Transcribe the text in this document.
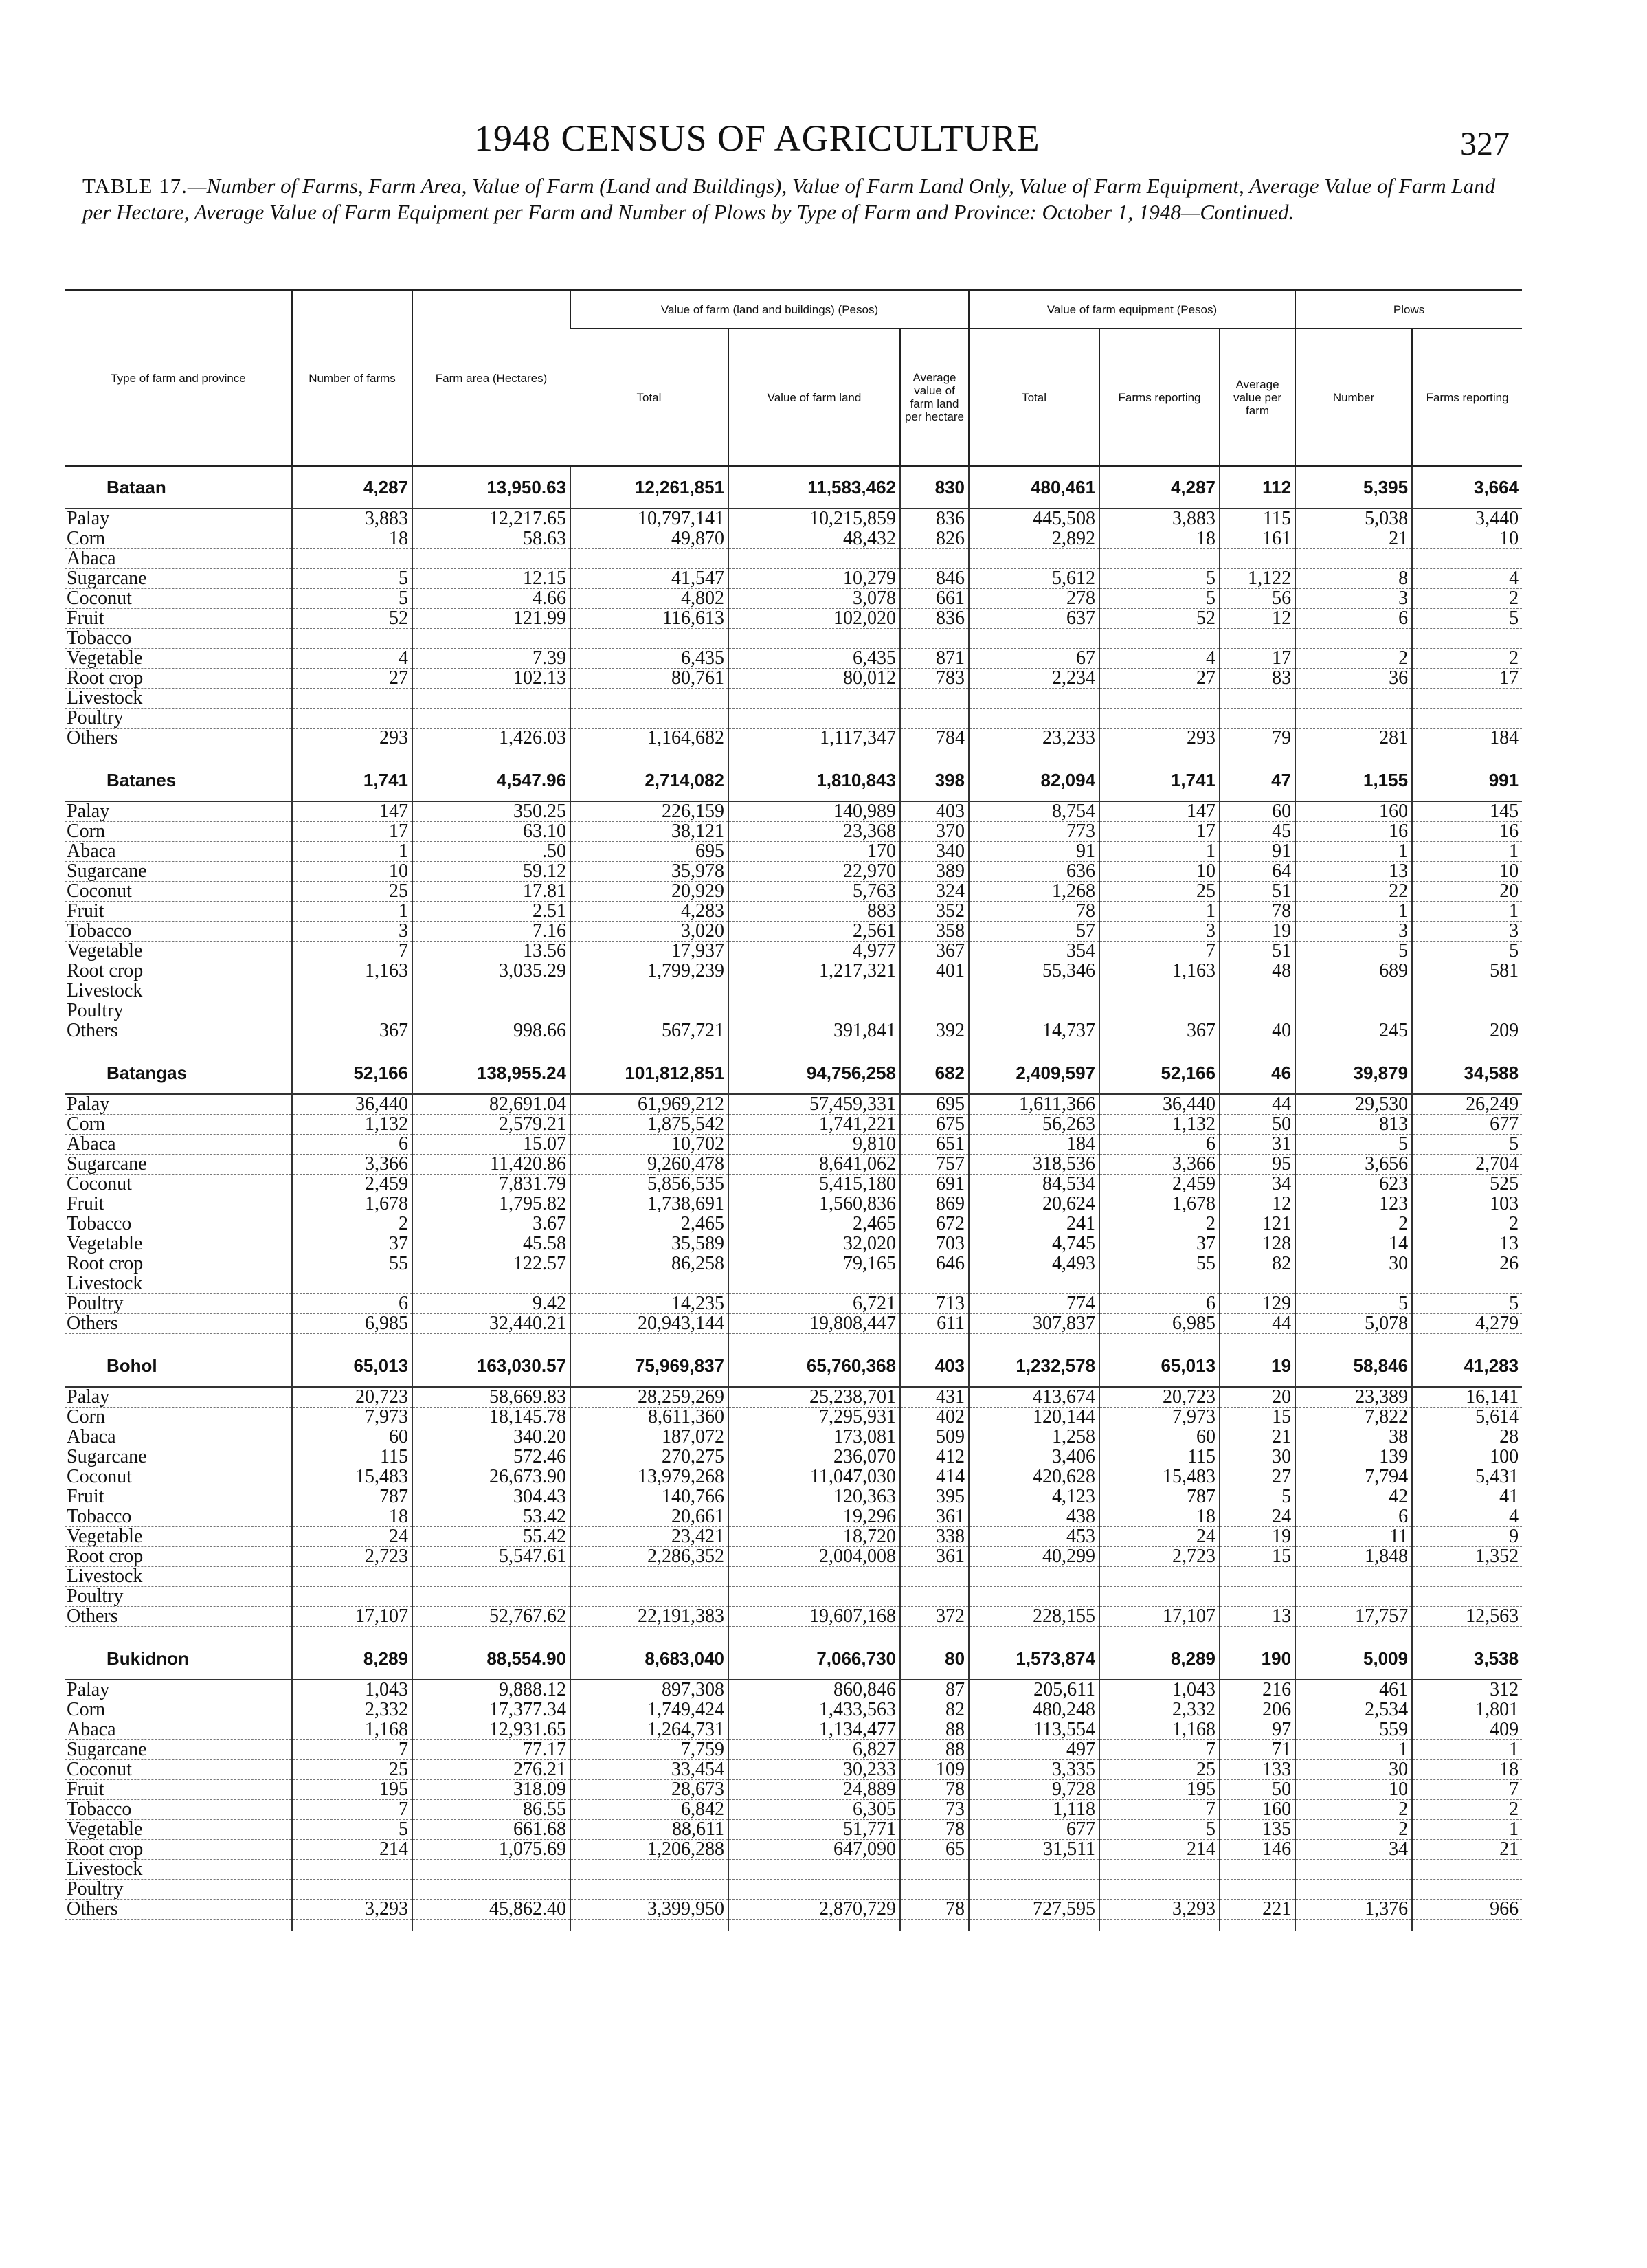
1948 CENSUS OF AGRICULTURE	327
TABLE 17.—Number of Farms, Farm Area, Value of Farm (Land and Buildings), Value of Farm Land Only, Value of Farm Equipment, Average Value of Farm Land per Hectare, Average Value of Farm Equipment per Farm and Number of Plows by Type of Farm and Province: October 1, 1948—Continued.
Type of farm and province	Number of farms	Farm area (Hectares)	Value of farm (land and buildings) (Pesos)			Value of farm equipment (Pesos)			Plows	
			Total	Value of farm land	Average value of farm land per hectare	Total	Farms reporting	Average value per farm	Number	Farms reporting
Bataan	4,287	13,950.63	12,261,851	11,583,462	830	480,461	4,287	112	5,395	3,664
Palay	3,883	12,217.65	10,797,141	10,215,859	836	445,508	3,883	115	5,038	3,440
Corn	18	58.63	49,870	48,432	826	2,892	18	161	21	10
Abaca										
Sugarcane	5	12.15	41,547	10,279	846	5,612	5	1,122	8	4
Coconut	5	4.66	4,802	3,078	661	278	5	56	3	2
Fruit	52	121.99	116,613	102,020	836	637	52	12	6	5
Tobacco										
Vegetable	4	7.39	6,435	6,435	871	67	4	17	2	2
Root crop	27	102.13	80,761	80,012	783	2,234	27	83	36	17
Livestock										
Poultry										
Others	293	1,426.03	1,164,682	1,117,347	784	23,233	293	79	281	184

Batanes	1,741	4,547.96	2,714,082	1,810,843	398	82,094	1,741	47	1,155	991
Palay	147	350.25	226,159	140,989	403	8,754	147	60	160	145
Corn	17	63.10	38,121	23,368	370	773	17	45	16	16
Abaca	1	.50	695	170	340	91	1	91	1	1
Sugarcane	10	59.12	35,978	22,970	389	636	10	64	13	10
Coconut	25	17.81	20,929	5,763	324	1,268	25	51	22	20
Fruit	1	2.51	4,283	883	352	78	1	78	1	1
Tobacco	3	7.16	3,020	2,561	358	57	3	19	3	3
Vegetable	7	13.56	17,937	4,977	367	354	7	51	5	5
Root crop	1,163	3,035.29	1,799,239	1,217,321	401	55,346	1,163	48	689	581
Livestock										
Poultry										
Others	367	998.66	567,721	391,841	392	14,737	367	40	245	209

Batangas	52,166	138,955.24	101,812,851	94,756,258	682	2,409,597	52,166	46	39,879	34,588
Palay	36,440	82,691.04	61,969,212	57,459,331	695	1,611,366	36,440	44	29,530	26,249
Corn	1,132	2,579.21	1,875,542	1,741,221	675	56,263	1,132	50	813	677
Abaca	6	15.07	10,702	9,810	651	184	6	31	5	5
Sugarcane	3,366	11,420.86	9,260,478	8,641,062	757	318,536	3,366	95	3,656	2,704
Coconut	2,459	7,831.79	5,856,535	5,415,180	691	84,534	2,459	34	623	525
Fruit	1,678	1,795.82	1,738,691	1,560,836	869	20,624	1,678	12	123	103
Tobacco	2	3.67	2,465	2,465	672	241	2	121	2	2
Vegetable	37	45.58	35,589	32,020	703	4,745	37	128	14	13
Root crop	55	122.57	86,258	79,165	646	4,493	55	82	30	26
Livestock										
Poultry	6	9.42	14,235	6,721	713	774	6	129	5	5
Others	6,985	32,440.21	20,943,144	19,808,447	611	307,837	6,985	44	5,078	4,279

Bohol	65,013	163,030.57	75,969,837	65,760,368	403	1,232,578	65,013	19	58,846	41,283
Palay	20,723	58,669.83	28,259,269	25,238,701	431	413,674	20,723	20	23,389	16,141
Corn	7,973	18,145.78	8,611,360	7,295,931	402	120,144	7,973	15	7,822	5,614
Abaca	60	340.20	187,072	173,081	509	1,258	60	21	38	28
Sugarcane	115	572.46	270,275	236,070	412	3,406	115	30	139	100
Coconut	15,483	26,673.90	13,979,268	11,047,030	414	420,628	15,483	27	7,794	5,431
Fruit	787	304.43	140,766	120,363	395	4,123	787	5	42	41
Tobacco	18	53.42	20,661	19,296	361	438	18	24	6	4
Vegetable	24	55.42	23,421	18,720	338	453	24	19	11	9
Root crop	2,723	5,547.61	2,286,352	2,004,008	361	40,299	2,723	15	1,848	1,352
Livestock										
Poultry										
Others	17,107	52,767.62	22,191,383	19,607,168	372	228,155	17,107	13	17,757	12,563

Bukidnon	8,289	88,554.90	8,683,040	7,066,730	80	1,573,874	8,289	190	5,009	3,538
Palay	1,043	9,888.12	897,308	860,846	87	205,611	1,043	216	461	312
Corn	2,332	17,377.34	1,749,424	1,433,563	82	480,248	2,332	206	2,534	1,801
Abaca	1,168	12,931.65	1,264,731	1,134,477	88	113,554	1,168	97	559	409
Sugarcane	7	77.17	7,759	6,827	88	497	7	71	1	1
Coconut	25	276.21	33,454	30,233	109	3,335	25	133	30	18
Fruit	195	318.09	28,673	24,889	78	9,728	195	50	10	7
Tobacco	7	86.55	6,842	6,305	73	1,118	7	160	2	2
Vegetable	5	661.68	88,611	51,771	78	677	5	135	2	1
Root crop	214	1,075.69	1,206,288	647,090	65	31,511	214	146	34	21
Livestock										
Poultry										
Others	3,293	45,862.40	3,399,950	2,870,729	78	727,595	3,293	221	1,376	966
